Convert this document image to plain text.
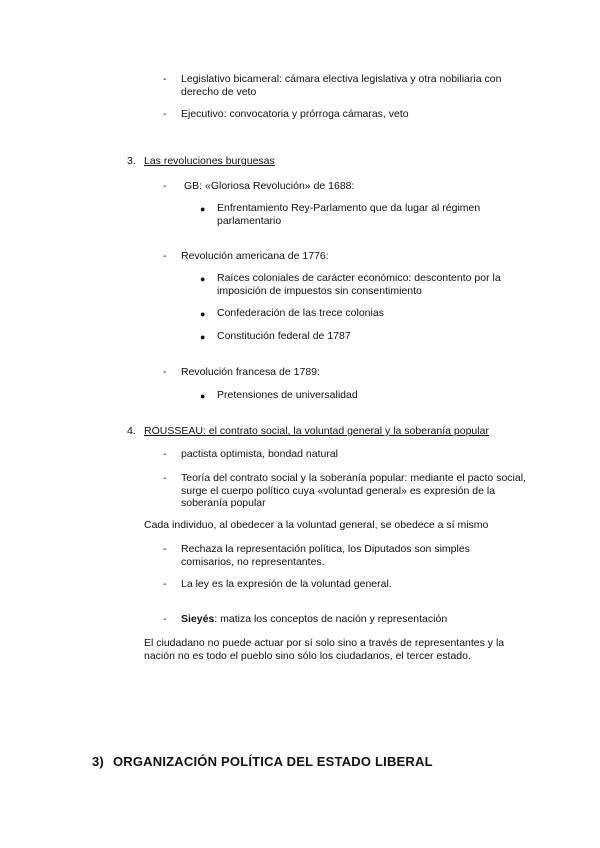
-	Legislativo bicameral: cámara electiva legislativa y otra nobiliaria con derecho de veto
-	Ejecutivo: convocatoria y prórroga cámaras, veto
3. Las revoluciones burguesas
-	GB: «Gloriosa Revolución» de 1688:
● Enfrentamiento Rey-Parlamento que da lugar al régimen parlamentario
-	Revolución americana de 1776:
● Raíces coloniales de carácter económico: descontento por la imposición de impuestos sin consentimiento
● Confederación de las trece colonias
● Constitución federal de 1787
-	Revolución francesa de 1789:
● Pretensiones de universalidad
4. ROUSSEAU: el contrato social, la voluntad general y la soberanía popular
-	pactista optimista, bondad natural
-	Teoría del contrato social y la soberanía popular: mediante el pacto social, surge el cuerpo político cuya «voluntad general» es expresión de la soberanía popular
Cada individuo, al obedecer a la voluntad general, se obedece a sí mismo
-	Rechaza la representación política, los Diputados son simples comisarios, no representantes.
-	La ley es la expresión de la voluntad general.
-	Sieyés: matiza los conceptos de nación y representación
El ciudadano no puede actuar por sí solo sino a través de representantes y la nación no es todo el pueblo sino sólo los ciudadanos, el tercer estado.
3) ORGANIZACIÓN POLÍTICA DEL ESTADO LIBERAL
